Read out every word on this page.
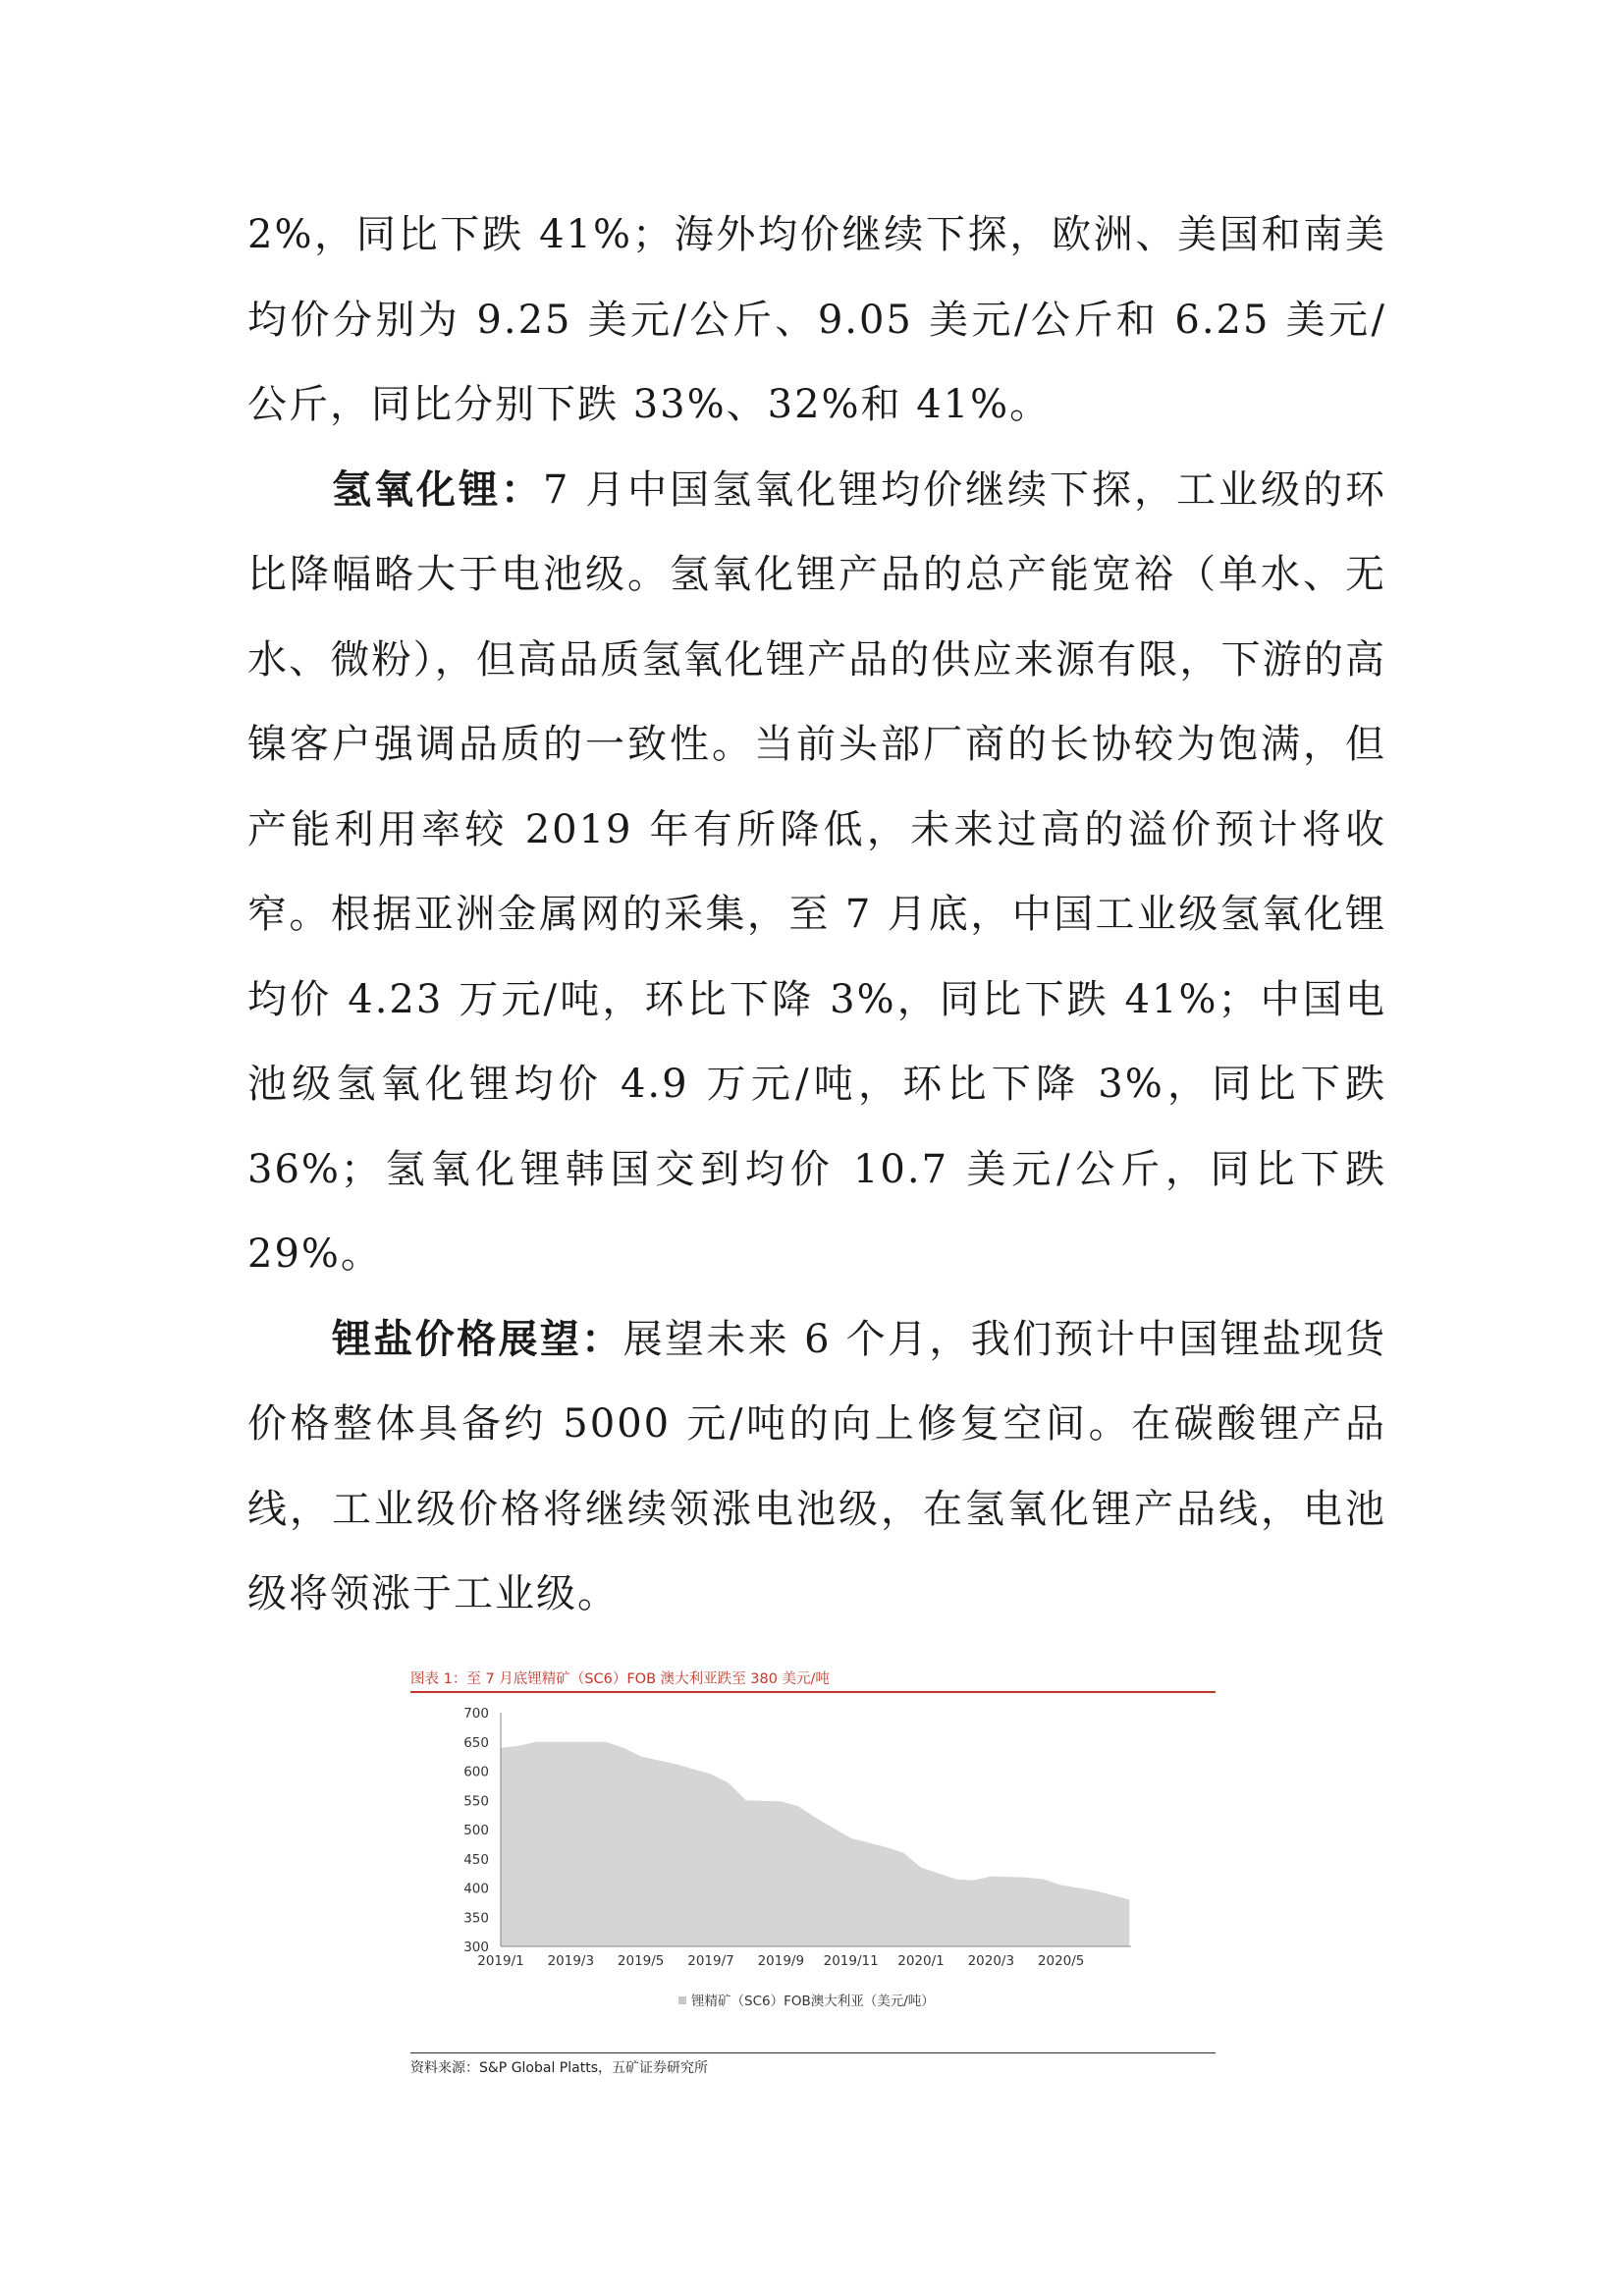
2%，同比下跌 41%；海外均价继续下探，欧洲、美国和南美均价分别为 9.25 美元/公斤、9.05 美元/公斤和 6.25 美元/公斤，同比分别下跌 33%、32%和 41%。

氢氧化锂：7 月中国氢氧化锂均价继续下探，工业级的环比降幅略大于电池级。氢氧化锂产品的总产能宽裕（单水、无水、微粉），但高品质氢氧化锂产品的供应来源有限，下游的高镍客户强调品质的一致性。当前头部厂商的长协较为饱满，但产能利用率较 2019 年有所降低，未来过高的溢价预计将收窄。根据亚洲金属网的采集，至 7 月底，中国工业级氢氧化锂均价 4.23 万元/吨，环比下降 3%，同比下跌 41%；中国电池级氢氧化锂均价 4.9 万元/吨，环比下降 3%，同比下跌 36%；氢氧化锂韩国交到均价 10.7 美元/公斤，同比下跌 29%。

锂盐价格展望：展望未来 6 个月，我们预计中国锂盐现货价格整体具备约 5000 元/吨的向上修复空间。在碳酸锂产品线，工业级价格将继续领涨电池级，在氢氧化锂产品线，电池级将领涨于工业级。

图表 1：至 7 月底锂精矿（SC6）FOB 澳大利亚跌至 380 美元/吨
300
350
400
450
500
550
600
650
700
2019/1 2019/3 2019/5 2019/7 2019/9 2019/11 2020/1 2020/3 2020/5
锂精矿（SC6）FOB澳大利亚（美元/吨）
资料来源：S&P Global Platts，五矿证券研究所
